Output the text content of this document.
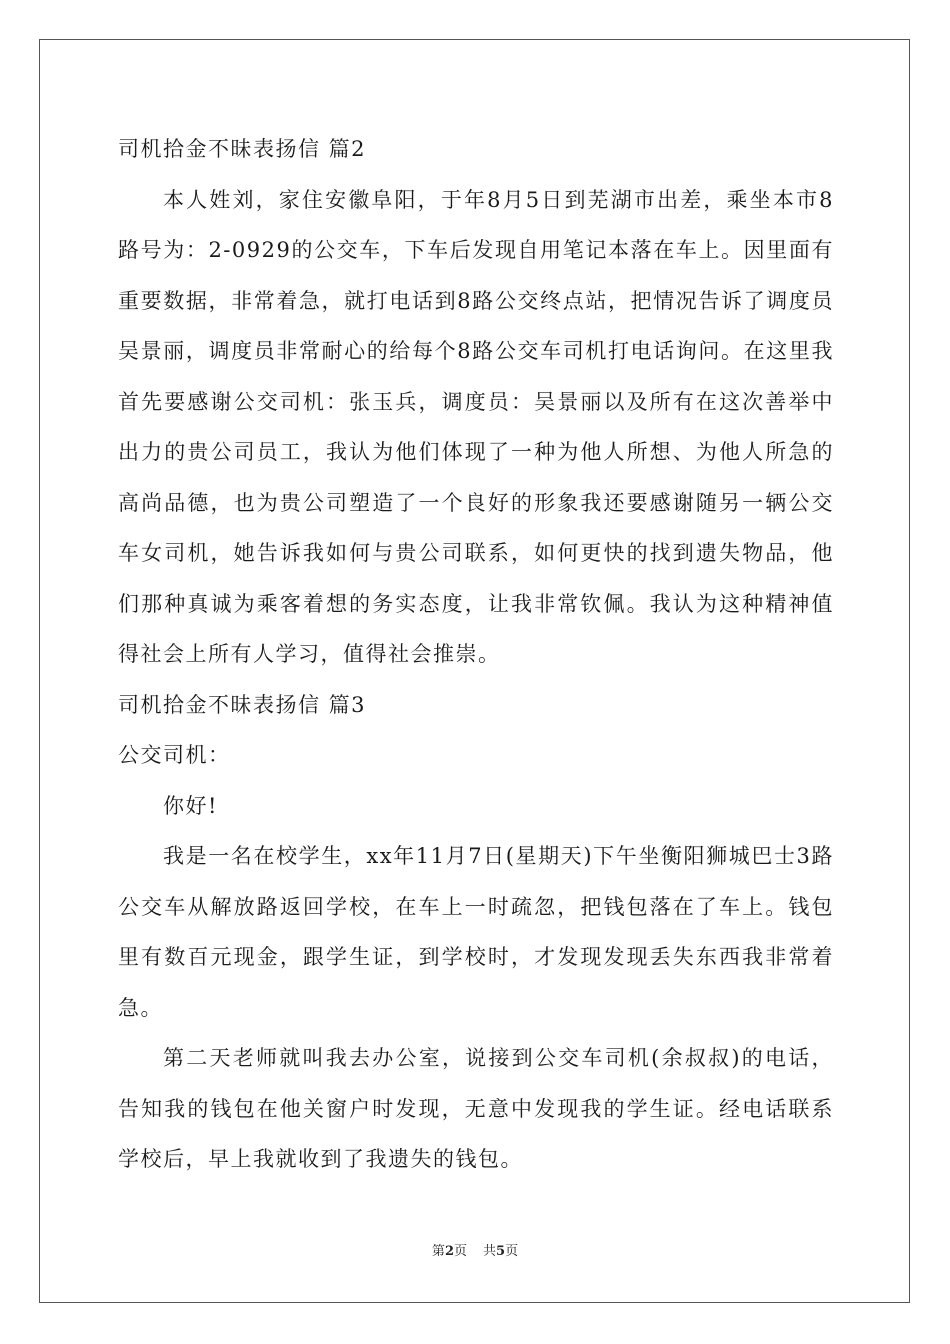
司机拾金不昧表扬信 篇2

本人姓刘，家住安徽阜阳，于年8月5日到芜湖市出差，乘坐本市8路号为：2-0929的公交车，下车后发现自用笔记本落在车上。因里面有重要数据，非常着急，就打电话到8路公交终点站，把情况告诉了调度员吴景丽，调度员非常耐心的给每个8路公交车司机打电话询问。在这里我首先要感谢公交司机：张玉兵，调度员：吴景丽以及所有在这次善举中出力的贵公司员工，我认为他们体现了一种为他人所想、为他人所急的高尚品德，也为贵公司塑造了一个良好的形象我还要感谢随另一辆公交车女司机，她告诉我如何与贵公司联系，如何更快的找到遗失物品，他们那种真诚为乘客着想的务实态度，让我非常钦佩。我认为这种精神值得社会上所有人学习，值得社会推崇。

司机拾金不昧表扬信 篇3

公交司机：

你好!

我是一名在校学生，xx年11月7日(星期天)下午坐衡阳狮城巴士3路公交车从解放路返回学校，在车上一时疏忽，把钱包落在了车上。钱包里有数百元现金，跟学生证，到学校时，才发现发现丢失东西我非常着急。

第二天老师就叫我去办公室，说接到公交车司机(余叔叔)的电话，告知我的钱包在他关窗户时发现，无意中发现我的学生证。经电话联系学校后，早上我就收到了我遗失的钱包。

第2页 共5页
